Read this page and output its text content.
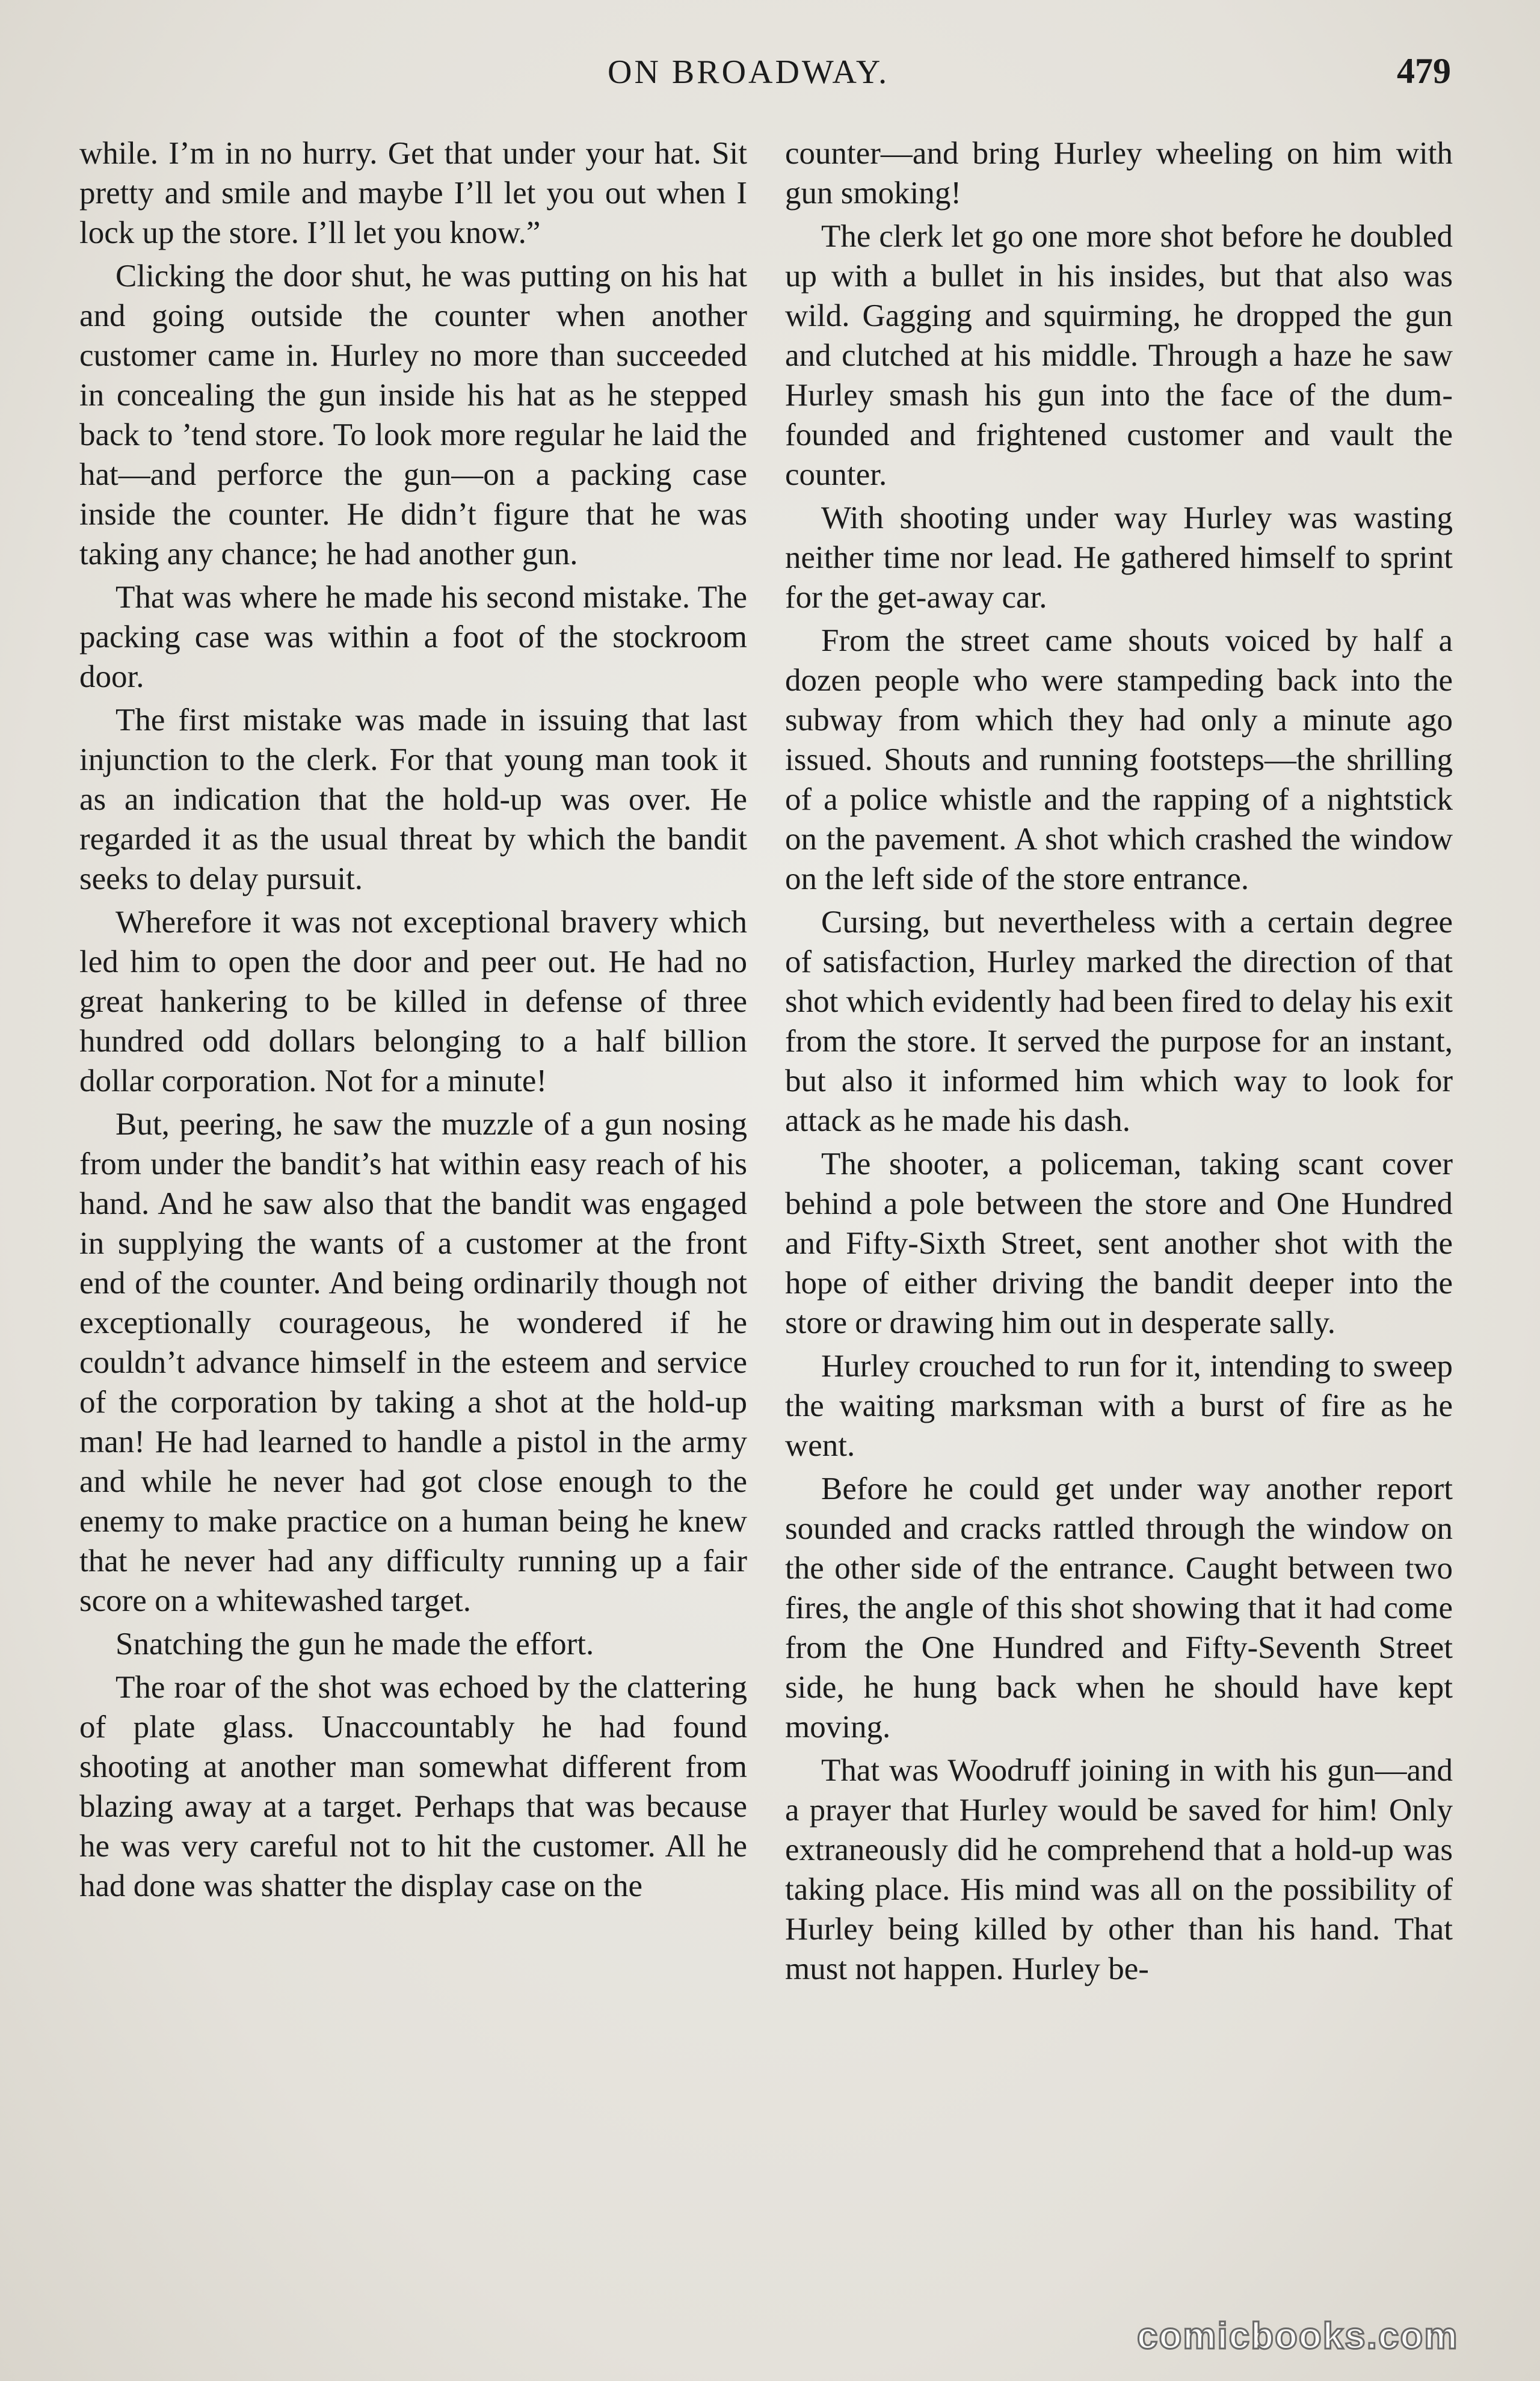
ON BROADWAY.	479

while. I’m in no hurry. Get that under your hat. Sit pretty and smile and maybe I’ll let you out when I lock up the store. I’ll let you know.”

Clicking the door shut, he was putting on his hat and going outside the counter when another customer came in. Hurley no more than succeeded in concealing the gun inside his hat as he stepped back to ’tend store. To look more regular he laid the hat—and perforce the gun—on a packing case inside the counter. He didn’t figure that he was taking any chance; he had another gun.

That was where he made his second mistake. The packing case was within a foot of the stockroom door.

The first mistake was made in issuing that last injunction to the clerk. For that young man took it as an indication that the hold-up was over. He regarded it as the usual threat by which the bandit seeks to delay pursuit.

Wherefore it was not exceptional bravery which led him to open the door and peer out. He had no great hankering to be killed in defense of three hundred odd dollars belonging to a half billion dollar corporation. Not for a minute!

But, peering, he saw the muzzle of a gun nosing from under the bandit’s hat within easy reach of his hand. And he saw also that the bandit was engaged in supplying the wants of a customer at the front end of the counter. And being ordinarily though not exceptionally courageous, he wondered if he couldn’t advance himself in the esteem and service of the corporation by taking a shot at the hold-up man! He had learned to handle a pistol in the army and while he never had got close enough to the enemy to make practice on a human being he knew that he never had any difficulty running up a fair score on a whitewashed target.

Snatching the gun he made the effort.

The roar of the shot was echoed by the clattering of plate glass. Unaccountably he had found shooting at another man somewhat different from blazing away at a target. Perhaps that was because he was very careful not to hit the customer. All he had done was shatter the display case on the

counter—and bring Hurley wheeling on him with gun smoking!

The clerk let go one more shot before he doubled up with a bullet in his insides, but that also was wild. Gagging and squirming, he dropped the gun and clutched at his middle. Through a haze he saw Hurley smash his gun into the face of the dumfounded and frightened customer and vault the counter.

With shooting under way Hurley was wasting neither time nor lead. He gathered himself to sprint for the get-away car.

From the street came shouts voiced by half a dozen people who were stampeding back into the subway from which they had only a minute ago issued. Shouts and running footsteps—the shrilling of a police whistle and the rapping of a nightstick on the pavement. A shot which crashed the window on the left side of the store entrance.

Cursing, but nevertheless with a certain degree of satisfaction, Hurley marked the direction of that shot which evidently had been fired to delay his exit from the store. It served the purpose for an instant, but also it informed him which way to look for attack as he made his dash.

The shooter, a policeman, taking scant cover behind a pole between the store and One Hundred and Fifty-Sixth Street, sent another shot with the hope of either driving the bandit deeper into the store or drawing him out in desperate sally.

Hurley crouched to run for it, intending to sweep the waiting marksman with a burst of fire as he went.

Before he could get under way another report sounded and cracks rattled through the window on the other side of the entrance. Caught between two fires, the angle of this shot showing that it had come from the One Hundred and Fifty-Seventh Street side, he hung back when he should have kept moving.

That was Woodruff joining in with his gun—and a prayer that Hurley would be saved for him! Only extraneously did he comprehend that a hold-up was taking place. His mind was all on the possibility of Hurley being killed by other than his hand. That must not happen. Hurley be-

comicbooks.com
